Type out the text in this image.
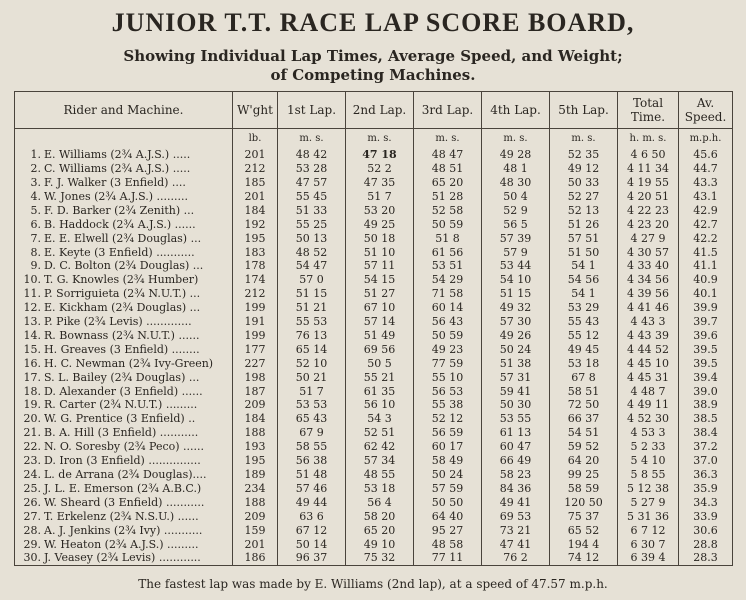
JUNIOR T.T. RACE LAP SCORE BOARD,
Showing Individual Lap Times, Average Speed, and Weight;
of Competing Machines.
Rider and Machine.	W'ght	1st Lap.	2nd Lap.	3rd Lap.	4th Lap.	5th Lap.	Total Time.	Av. Speed.
	lb.	m. s.	m. s.	m. s.	m. s.	m. s.	h. m. s.	m.p.h.
1. E. Williams (2¾ A.J.S.) .....	201	48 42	47 18	48 47	49 28	52 35	4 6 50	45.6
2. C. Williams (2¾ A.J.S.) .....	212	53 28	52 2	48 51	48 1	49 12	4 11 34	44.7
3. F. J. Walker (3 Enfield) ....	185	47 57	47 35	65 20	48 30	50 33	4 19 55	43.3
4. W. Jones (2¾ A.J.S.) .........	201	55 45	51 7	51 28	50 4	52 27	4 20 51	43.1
5. F. D. Barker (2¾ Zenith) ...	184	51 33	53 20	52 58	52 9	52 13	4 22 23	42.9
6. B. Haddock (2¾ A.J.S.) ......	192	55 25	49 25	50 59	56 5	51 26	4 23 20	42.7
7. E. E. Elwell (2¾ Douglas) ...	195	50 13	50 18	51 8	57 39	57 51	4 27 9	42.2
8. E. Keyte (3 Enfield) ...........	183	48 52	51 10	61 56	57 9	51 50	4 30 57	41.5
9. D. C. Bolton (2¾ Douglas) ...	178	54 47	57 11	53 51	53 44	54 1	4 33 40	41.1
10. T. G. Knowles (2¾ Humber)	174	57 0	54 15	54 29	54 10	54 56	4 34 56	40.9
11. P. Sorriguieta (2¾ N.U.T.) ...	212	51 15	51 27	71 58	51 15	54 1	4 39 56	40.1
12. E. Kickham (2¾ Douglas) ...	199	51 21	67 10	60 14	49 32	53 29	4 41 46	39.9
13. P. Pike (2¾ Levis) .............	191	55 53	57 14	56 43	57 30	55 43	4 43 3	39.7
14. R. Bownass (2¾ N.U.T.) ......	199	76 13	51 49	50 59	49 26	55 12	4 43 39	39.6
15. H. Greaves (3 Enfield) ........	177	65 14	69 56	49 23	50 24	49 45	4 44 52	39.5
16. H. C. Newman (2¾ Ivy-Green)	227	52 10	50 5	77 59	51 38	53 18	4 45 10	39.5
17. S. L. Bailey (2¾ Douglas) ...	198	50 21	55 21	55 10	57 31	67 8	4 45 31	39.4
18. D. Alexander (3 Enfield) ......	187	51 7	61 35	56 53	59 41	58 51	4 48 7	39.0
19. R. Carter (2¾ N.U.T.) .........	209	53 53	56 10	55 38	50 30	72 50	4 49 11	38.9
20. W. G. Prentice (3 Enfield) ..	184	65 43	54 3	52 12	53 55	66 37	4 52 30	38.5
21. B. A. Hill (3 Enfield) ...........	188	67 9	52 51	56 59	61 13	54 51	4 53 3	38.4
22. N. O. Soresby (2¾ Peco) ......	193	58 55	62 42	60 17	60 47	59 52	5 2 33	37.2
23. D. Iron (3 Enfield) ...............	195	56 38	57 34	58 49	66 49	64 20	5 4 10	37.0
24. L. de Arrana (2¾ Douglas)....	189	51 48	48 55	50 24	58 23	99 25	5 8 55	36.3
25. J. L. E. Emerson (2¾ A.B.C.)	234	57 46	53 18	57 59	84 36	58 59	5 12 38	35.9
26. W. Sheard (3 Enfield) ...........	188	49 44	56 4	50 50	49 41	120 50	5 27 9	34.3
27. T. Erkelenz (2¾ N.S.U.) ......	209	63 6	58 20	64 40	69 53	75 37	5 31 36	33.9
28. A. J. Jenkins (2¾ Ivy) ...........	159	67 12	65 20	95 27	73 21	65 52	6 7 12	30.6
29. W. Heaton (2¾ A.J.S.) .........	201	50 14	49 10	48 58	47 41	194 4	6 30 7	28.8
30. J. Veasey (2¾ Levis) ............	186	96 37	75 32	77 11	76 2	74 12	6 39 4	28.3
The fastest lap was made by E. Williams (2nd lap), at a speed of 47.57 m.p.h.
